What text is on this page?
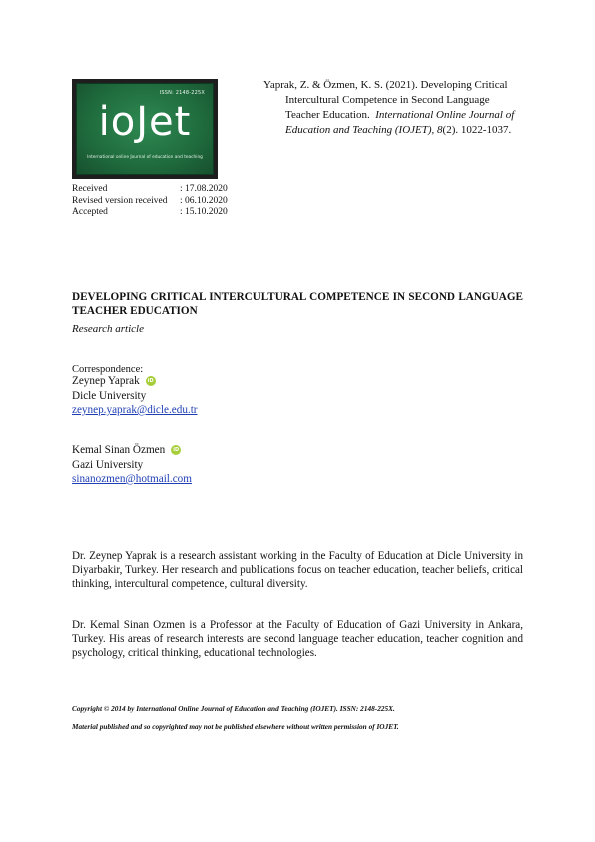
ISSN: 2148-225X
ioJet
International online Journal of education and teaching
Yaprak, Z. & Özmen, K. S. (2021). Developing Critical
Intercultural Competence in Second Language
Teacher Education. International Online Journal of
Education and Teaching (IOJET), 8(2). 1022-1037.
Received	: 17.08.2020
Revised version received	: 06.10.2020
Accepted	: 15.10.2020
DEVELOPING CRITICAL INTERCULTURAL COMPETENCE IN SECOND LANGUAGE TEACHER EDUCATION
Research article
Correspondence:
Zeynep Yaprak	iD
Dicle University
zeynep.yaprak@dicle.edu.tr
Kemal Sinan Özmen	iD
Gazi University
sinanozmen@hotmail.com
Dr. Zeynep Yaprak is a research assistant working in the Faculty of Education at Dicle University in Diyarbakir, Turkey. Her research and publications focus on teacher education, teacher beliefs, critical thinking, intercultural competence, cultural diversity.
Dr. Kemal Sinan Ozmen is a Professor at the Faculty of Education of Gazi University in Ankara, Turkey. His areas of research interests are second language teacher education, teacher cognition and psychology, critical thinking, educational technologies.
Copyright © 2014 by International Online Journal of Education and Teaching (IOJET). ISSN: 2148-225X.
Material published and so copyrighted may not be published elsewhere without written permission of IOJET.
